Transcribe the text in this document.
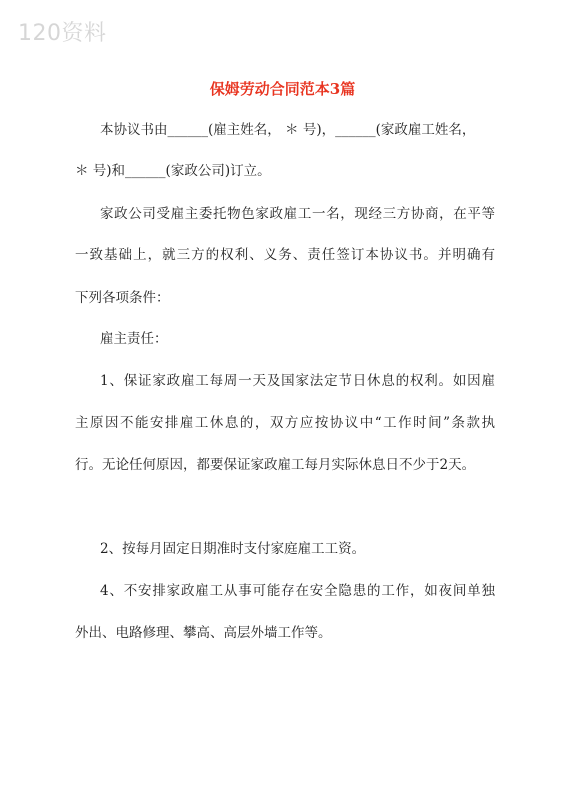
120资料
保姆劳动合同范本3篇
本协议书由______(雇主姓名， ＊ 号)，______(家政雇工姓名，
＊ 号)和______(家政公司)订立。
家政公司受雇主委托物色家政雇工一名，现经三方协商，在平等
一致基础上，就三方的权利、义务、责任签订本协议书。并明确有
下列各项条件：
雇主责任：
1、保证家政雇工每周一天及国家法定节日休息的权利。如因雇
主原因不能安排雇工休息的，双方应按协议中“工作时间”条款执
行。无论任何原因，都要保证家政雇工每月实际休息日不少于2天。
2、按每月固定日期准时支付家庭雇工工资。
4、不安排家政雇工从事可能存在安全隐患的工作，如夜间单独
外出、电路修理、攀高、高层外墙工作等。
